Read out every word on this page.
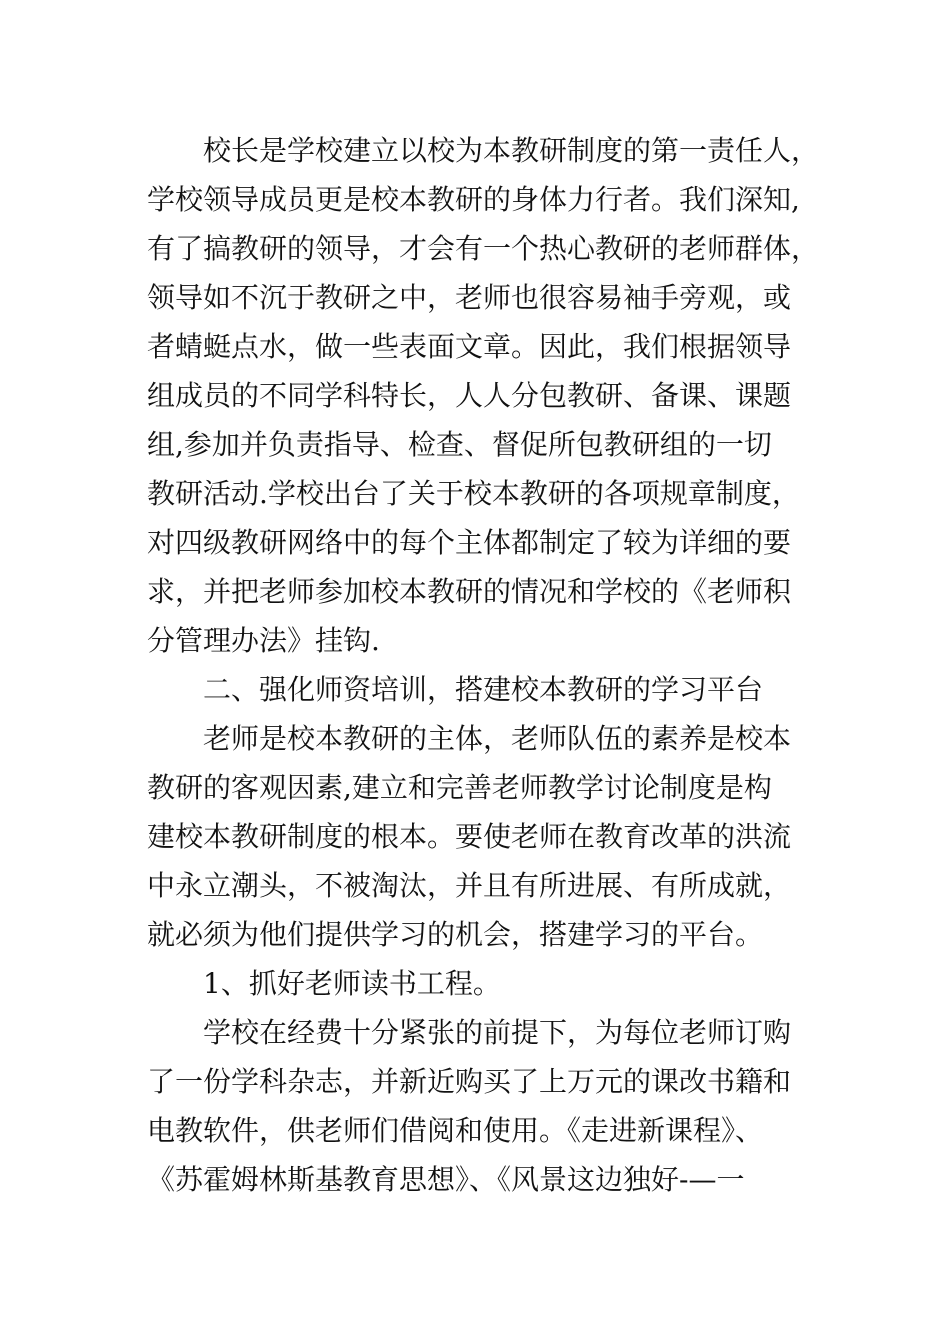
校长是学校建立以校为本教研制度的第一责任人，
学校领导成员更是校本教研的身体力行者。我们深知,
有了搞教研的领导，才会有一个热心教研的老师群体，
领导如不沉于教研之中，老师也很容易袖手旁观，或
者蜻蜓点水，做一些表面文章。因此，我们根据领导
组成员的不同学科特长，人人分包教研、备课、课题
组,参加并负责指导、检查、督促所包教研组的一切
教研活动.学校出台了关于校本教研的各项规章制度，
对四级教研网络中的每个主体都制定了较为详细的要
求，并把老师参加校本教研的情况和学校的《老师积
分管理办法》挂钩.
二、强化师资培训，搭建校本教研的学习平台
老师是校本教研的主体，老师队伍的素养是校本
教研的客观因素,建立和完善老师教学讨论制度是构
建校本教研制度的根本。要使老师在教育改革的洪流
中永立潮头，不被淘汰，并且有所进展、有所成就，
就必须为他们提供学习的机会，搭建学习的平台。
1、抓好老师读书工程。
学校在经费十分紧张的前提下，为每位老师订购
了一份学科杂志，并新近购买了上万元的课改书籍和
电教软件，供老师们借阅和使用。《走进新课程》、
《苏霍姆林斯基教育思想》、《风景这边独好-—一
